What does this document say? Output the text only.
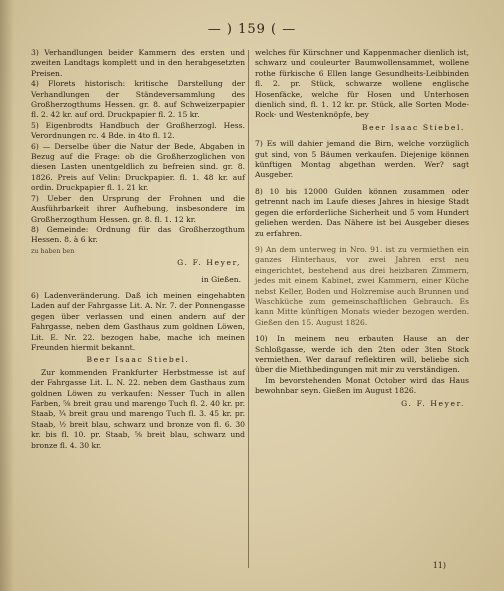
— ) 159 ( —

3) Verhandlungen beider Kammern des ersten und zweiten Landtags komplett und in den herabgesetzten Preisen.

4) Florets historisch: kritische Darstellung der Verhandlungen der Ständeversammlung des Großherzogthums Hessen. gr. 8. auf Schweizerpapier fl. 2. 42 kr. auf ord. Druckpapier fl. 2. 15 kr.

5) Eigenbrodts Handbuch der Großherzogl. Hess. Verordnungen rc. 4 Bde. in 4to fl. 12.

6) — Derselbe über die Natur der Bede, Abgaben in Bezug auf die Frage: ob die Großherzoglichen von diesen Lasten unentgeldlich zu befreien sind. gr. 8. 1826. Preis auf Velin: Druckpapier. fl. 1. 48 kr. auf ordin. Druckpapier fl. 1. 21 kr.

7) Ueber den Ursprung der Frohnen und die Ausführbarkeit ihrer Aufhebung, insbesondere im Großherzogthum Hessen. gr. 8. fl. 1. 12 kr.

8) Gemeinde: Ordnung für das Großherzogthum Hessen. 8. à 6 kr.

zu haben ben

G. F. Heyer,

in Gießen.

6) Ladenveränderung. Daß ich meinen eingehabten Laden auf der Fahrgasse Lit. A. Nr. 7. der Ponnengasse gegen über verlassen und einen andern auf der Fahrgasse, neben dem Gasthaus zum goldnen Löwen, Lit. E. Nr. 22. bezogen habe, mache ich meinen Freunden hiermit bekannt.

Beer Isaac Stiebel.

Zur kommenden Frankfurter Herbstmesse ist auf der Fahrgasse Lit. L. N. 22. neben dem Gasthaus zum goldnen Löwen zu verkaufen: Nesser Tuch in allen Farben, ⅝ breit grau und marengo Tuch fl. 2. 40 kr. pr. Staab, ¾ breit grau und marengo Tuch fl. 3. 45 kr. pr. Staab, ½ breit blau, schwarz und bronze von fl. 6. 30 kr. bis fl. 10. pr. Staab, ⅝ breit blau, schwarz und bronze fl. 4. 30 kr.

welches für Kürschner und Kappenmacher dienlich ist, schwarz und couleurter Baumwollensammet, wollene rothe fürkische 6 Ellen lange Gesundheits-Leibbinden fl. 2. pr. Stück, schwarze wollene englische Hosenfäcke, welche für Hosen und Unterhosen dienlich sind, fl. 1. 12 kr. pr. Stück, alle Sorten Mode-Rock- und Westenknöpfe, bey

Beer Isaac Stiebel.

7) Es will dahier jemand die Birn, welche vorzüglich gut sind, von 5 Bäumen verkaufen. Diejenige können künftigen Montag abgethan werden. Wer? sagt Ausgeber.

8) 10 bis 12000 Gulden können zusammen oder getrennt nach im Laufe dieses Jahres in hiesige Stadt gegen die erforderliche Sicherheit und 5 vom Hundert geliehen werden. Das Nähere ist bei Ausgeber dieses zu erfahren.

9) An dem unterweg in Nro. 91. ist zu vermiethen ein ganzes Hinterhaus, vor zwei Jahren erst neu eingerichtet, bestehend aus drei heizbaren Zimmern, jedes mit einem Kabinet, zwei Kammern, einer Küche nebst Keller, Boden und Holzremise auch Brunnen und Waschküche zum gemeinschaftlichen Gebrauch. Es kann Mitte künftigen Monats wieder bezogen werden. Gießen den 15. August 1826.

10) In meinem neu erbauten Hause an der Schloßgasse, werde ich den 2ten oder 3ten Stock vermiethen. Wer darauf reflektiren will, beliebe sich über die Miethbedingungen mit mir zu verständigen.

Im bevorstehenden Monat October wird das Haus bewohnbar seyn. Gießen im August 1826.

G. F. Heyer.

11)
